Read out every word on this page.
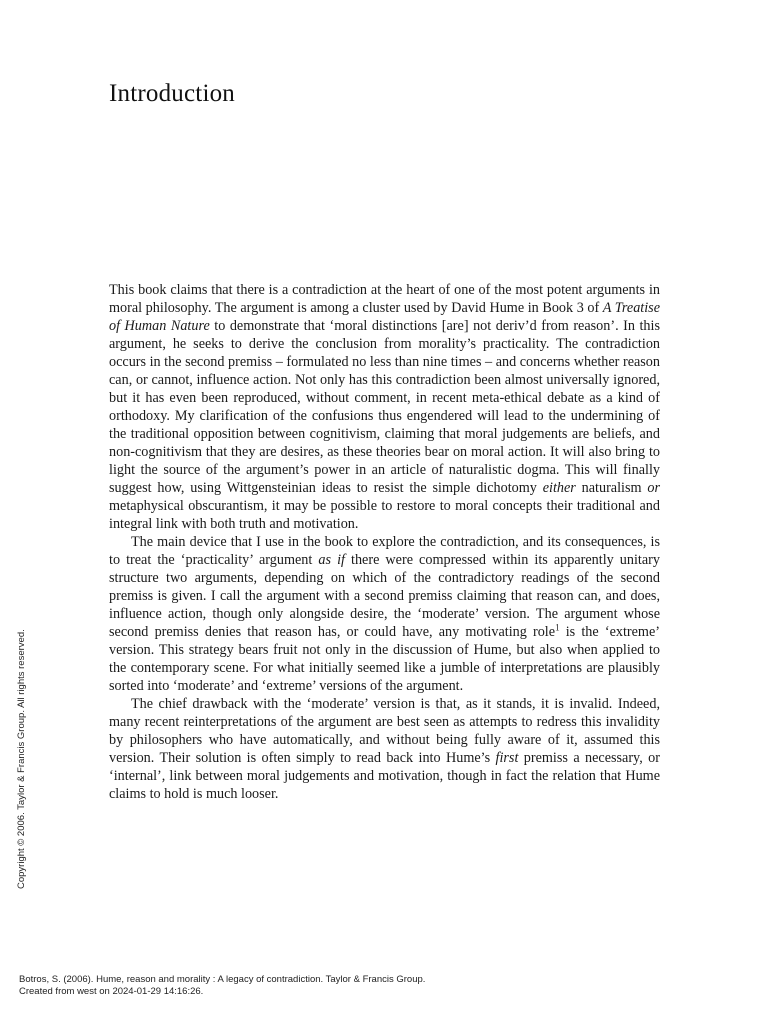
Introduction

This book claims that there is a contradiction at the heart of one of the most potent arguments in moral philosophy. The argument is among a cluster used by David Hume in Book 3 of A Treatise of Human Nature to demonstrate that ‘moral distinctions [are] not deriv’d from reason’. In this argument, he seeks to derive the conclusion from morality’s practicality. The contradiction occurs in the second premiss – formulated no less than nine times – and concerns whether reason can, or cannot, influence action. Not only has this contradiction been almost universally ignored, but it has even been reproduced, without comment, in recent meta-ethical debate as a kind of orthodoxy. My clarification of the confusions thus engendered will lead to the undermining of the traditional opposition between cognitivism, claiming that moral judgements are beliefs, and non-cognitivism that they are desires, as these theories bear on moral action. It will also bring to light the source of the argument’s power in an article of naturalistic dogma. This will finally suggest how, using Wittgensteinian ideas to resist the simple dichotomy either naturalism or metaphysical obscurantism, it may be possible to restore to moral concepts their traditional and integral link with both truth and motivation.

The main device that I use in the book to explore the contradiction, and its consequences, is to treat the ‘practicality’ argument as if there were compressed within its apparently unitary structure two arguments, depending on which of the contradictory readings of the second premiss is given. I call the argument with a second premiss claiming that reason can, and does, influence action, though only alongside desire, the ‘moderate’ version. The argument whose second premiss denies that reason has, or could have, any motivating role$^1$ is the ‘extreme’ version. This strategy bears fruit not only in the discussion of Hume, but also when applied to the contemporary scene. For what initially seemed like a jumble of interpretations are plausibly sorted into ‘moderate’ and ‘extreme’ versions of the argument.

The chief drawback with the ‘moderate’ version is that, as it stands, it is invalid. Indeed, many recent reinterpretations of the argument are best seen as attempts to redress this invalidity by philosophers who have automatically, and without being fully aware of it, assumed this version. Their solution is often simply to read back into Hume’s first premiss a necessary, or ‘internal’, link between moral judgements and motivation, though in fact the relation that Hume claims to hold is much looser.

Copyright © 2006. Taylor & Francis Group. All rights reserved.
Botros, S. (2006). Hume, reason and morality : A legacy of contradiction. Taylor & Francis Group.
Created from west on 2024-01-29 14:16:26.
